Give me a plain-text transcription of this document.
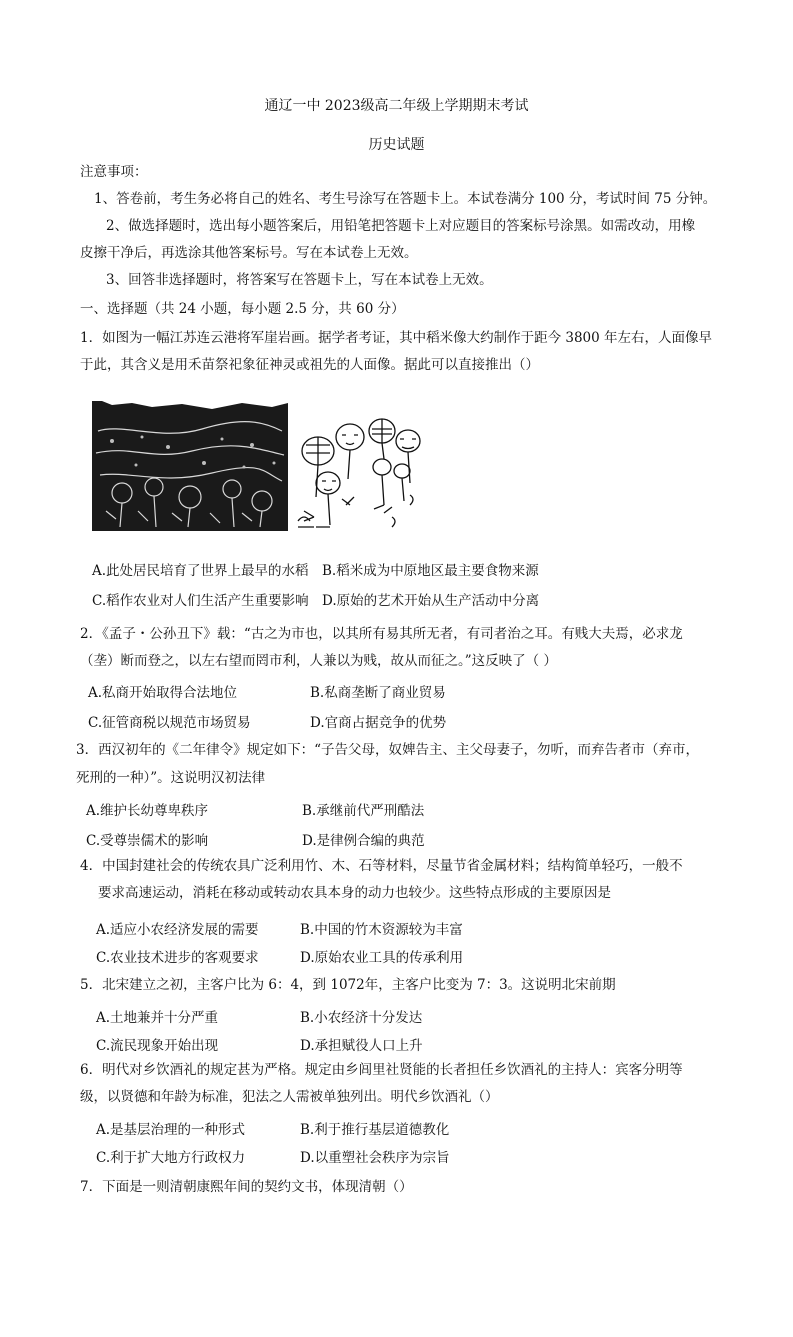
通辽一中 2023级高二年级上学期期末考试
历史试题
注意事项：
1、答卷前，考生务必将自己的姓名、考生号涂写在答题卡上。本试卷满分 100 分，考试时间 75 分钟。
2、做选择题时，选出每小题答案后，用铅笔把答题卡上对应题目的答案标号涂黑。如需改动，用橡
皮擦干净后，再选涂其他答案标号。写在本试卷上无效。
3、回答非选择题时，将答案写在答题卡上，写在本试卷上无效。
一、选择题（共 24 小题，每小题 2.5 分，共 60 分）
1．如图为一幅江苏连云港将军崖岩画。据学者考证，其中稻米像大约制作于距今 3800 年左右，人面像早
于此，其含义是用禾苗祭祀象征神灵或祖先的人面像。据此可以直接推出（）
A.此处居民培育了世界上最早的水稻 B.稻米成为中原地区最主要食物来源
C.稻作农业对人们生活产生重要影响 D.原始的艺术开始从生产活动中分离
2．《孟子・公孙丑下》载：“古之为市也，以其所有易其所无者，有司者治之耳。有贱大夫焉，必求龙
（垄）断而登之，以左右望而罔市利，人兼以为贱，故从而征之。”这反映了（ ）
A.私商开始取得合法地位	B.私商垄断了商业贸易
C.征管商税以规范市场贸易	D.官商占据竞争的优势
3．西汉初年的《二年律令》规定如下：“子告父母，奴婢告主、主父母妻子，勿听，而弃告者市（弃市，
死刑的一种）”。这说明汉初法律
A.维护长幼尊卑秩序	B.承继前代严刑酷法
C.受尊崇儒术的影响	D.是律例合编的典范
4．中国封建社会的传统农具广泛利用竹、木、石等材料，尽量节省金属材料；结构简单轻巧，一般不
要求高速运动，消耗在移动或转动农具本身的动力也较少。这些特点形成的主要原因是
A.适应小农经济发展的需要	B.中国的竹木资源较为丰富
C.农业技术进步的客观要求	D.原始农业工具的传承利用
5．北宋建立之初，主客户比为 6：4，到 1072年，主客户比变为 7：3。这说明北宋前期
A.土地兼并十分严重	B.小农经济十分发达
C.流民现象开始出现	D.承担赋役人口上升
6．明代对乡饮酒礼的规定甚为严格。规定由乡闾里社贤能的长者担任乡饮酒礼的主持人：宾客分明等
级，以贤德和年龄为标准，犯法之人需被单独列出。明代乡饮酒礼（）
A.是基层治理的一种形式	B.利于推行基层道德教化
C.利于扩大地方行政权力	D.以重塑社会秩序为宗旨
7．下面是一则清朝康熙年间的契约文书，体现清朝（）
